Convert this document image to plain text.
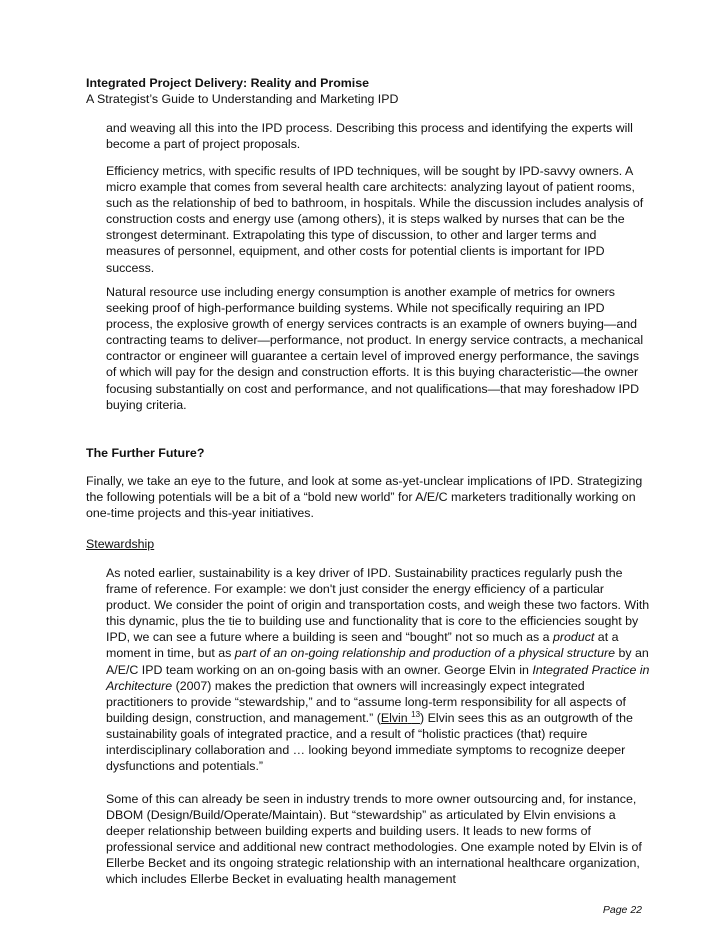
Integrated Project Delivery: Reality and Promise
A Strategist’s Guide to Understanding and Marketing IPD

and weaving all this into the IPD process. Describing this process and identifying the experts will become a part of project proposals.

Efficiency metrics, with specific results of IPD techniques, will be sought by IPD-savvy owners. A micro example that comes from several health care architects: analyzing layout of patient rooms, such as the relationship of bed to bathroom, in hospitals. While the discussion includes analysis of construction costs and energy use (among others), it is steps walked by nurses that can be the strongest determinant. Extrapolating this type of discussion, to other and larger terms and measures of personnel, equipment, and other costs for potential clients is important for IPD success.

Natural resource use including energy consumption is another example of metrics for owners seeking proof of high-performance building systems. While not specifically requiring an IPD process, the explosive growth of energy services contracts is an example of owners buying—and contracting teams to deliver—performance, not product. In energy service contracts, a mechanical contractor or engineer will guarantee a certain level of improved energy performance, the savings of which will pay for the design and construction efforts. It is this buying characteristic—the owner focusing substantially on cost and performance, and not qualifications—that may foreshadow IPD buying criteria.

The Further Future?

Finally, we take an eye to the future, and look at some as-yet-unclear implications of IPD. Strategizing the following potentials will be a bit of a “bold new world” for A/E/C marketers traditionally working on one-time projects and this-year initiatives.

Stewardship

As noted earlier, sustainability is a key driver of IPD. Sustainability practices regularly push the frame of reference. For example: we don't just consider the energy efficiency of a particular product. We consider the point of origin and transportation costs, and weigh these two factors. With this dynamic, plus the tie to building use and functionality that is core to the efficiencies sought by IPD, we can see a future where a building is seen and “bought” not so much as a product at a moment in time, but as part of an on-going relationship and production of a physical structure by an A/E/C IPD team working on an on-going basis with an owner. George Elvin in Integrated Practice in Architecture (2007) makes the prediction that owners will increasingly expect integrated practitioners to provide “stewardship,” and to “assume long-term responsibility for all aspects of building design, construction, and management.” (Elvin $^{13}$) Elvin sees this as an outgrowth of the sustainability goals of integrated practice, and a result of “holistic practices (that) require interdisciplinary collaboration and … looking beyond immediate symptoms to recognize deeper dysfunctions and potentials.”

Some of this can already be seen in industry trends to more owner outsourcing and, for instance, DBOM (Design/Build/Operate/Maintain). But “stewardship” as articulated by Elvin envisions a deeper relationship between building experts and building users. It leads to new forms of professional service and additional new contract methodologies. One example noted by Elvin is of Ellerbe Becket and its ongoing strategic relationship with an international healthcare organization, which includes Ellerbe Becket in evaluating health management

Page 22
